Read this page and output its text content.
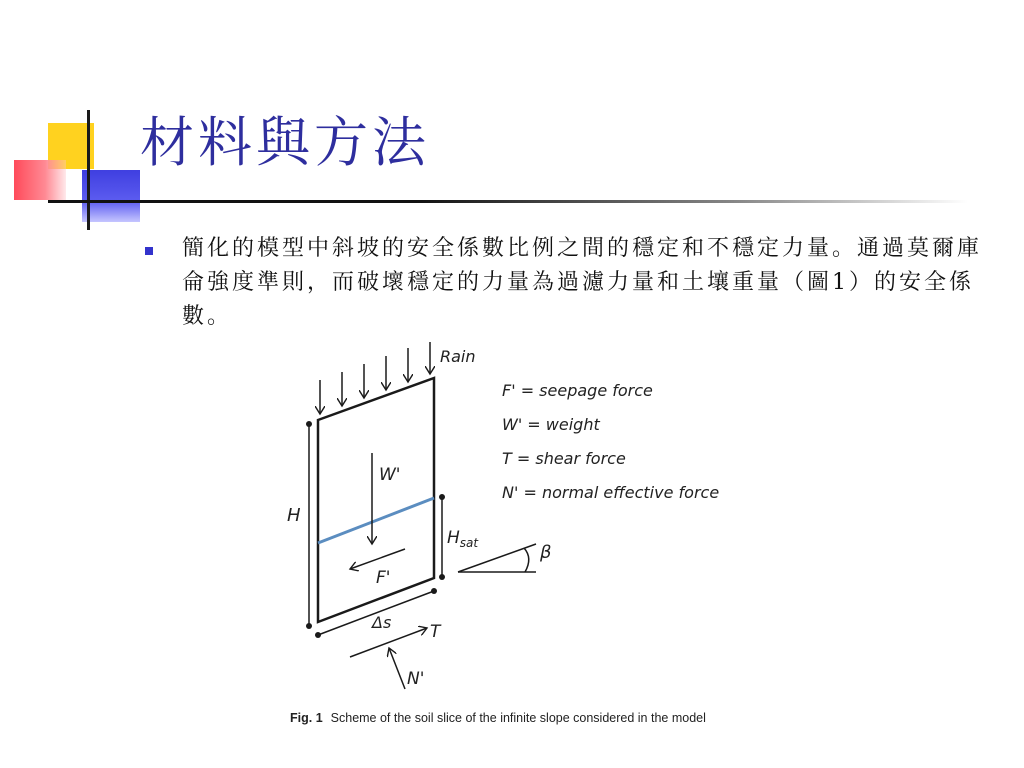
材料與方法

簡化的模型中斜坡的安全係數比例之間的穩定和不穩定力量。通過莫爾庫侖強度準則，而破壞穩定的力量為過濾力量和土壤重量（圖1）的安全係數。

Rain
W'
F'
H
$H_{sat}$	β
Δs T
N'
F' = seepage force
W' = weight
T = shear force
N' = normal effective force
Fig. 1 Scheme of the soil slice of the infinite slope considered in the model
